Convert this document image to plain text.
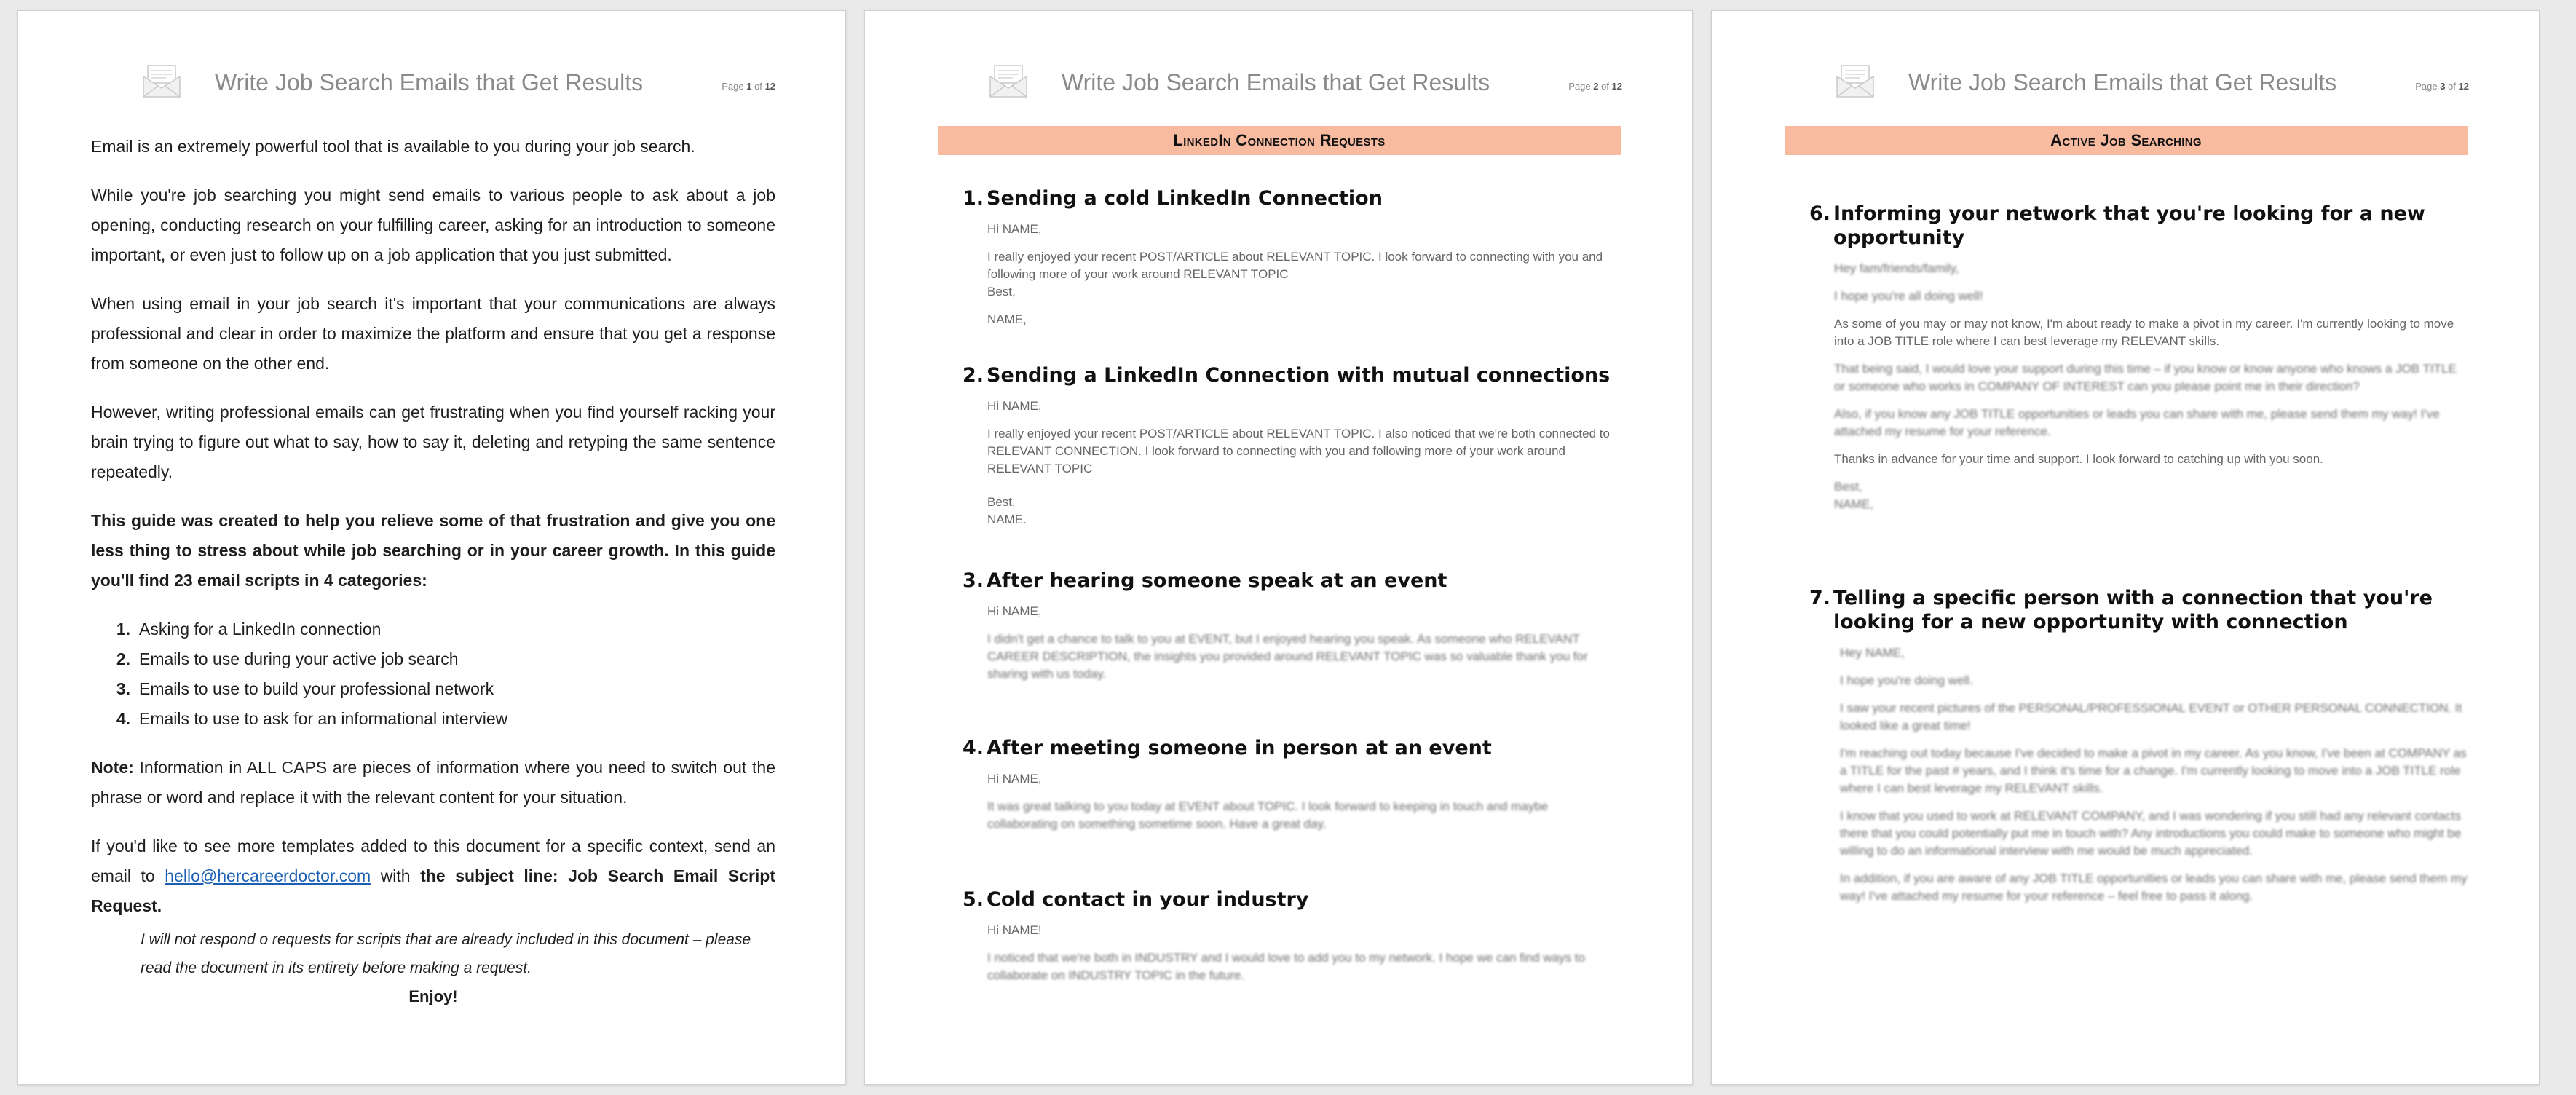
Write Job Search Emails that Get Results	Page 1 of 12

Email is an extremely powerful tool that is available to you during your job search.

While you're job searching you might send emails to various people to ask about a job opening, conducting research on your fulfilling career, asking for an introduction to someone important, or even just to follow up on a job application that you just submitted.

When using email in your job search it's important that your communications are always professional and clear in order to maximize the platform and ensure that you get a response from someone on the other end.

However, writing professional emails can get frustrating when you find yourself racking your brain trying to figure out what to say, how to say it, deleting and retyping the same sentence repeatedly.

This guide was created to help you relieve some of that frustration and give you one less thing to stress about while job searching or in your career growth. In this guide you'll find 23 email scripts in 4 categories:

1. Asking for a LinkedIn connection
2. Emails to use during your active job search
3. Emails to use to build your professional network
4. Emails to use to ask for an informational interview

Note: Information in ALL CAPS are pieces of information where you need to switch out the phrase or word and replace it with the relevant content for your situation.

If you'd like to see more templates added to this document for a specific context, send an email to hello@hercareerdoctor.com with the subject line: Job Search Email Script Request.

I will not respond o requests for scripts that are already included in this document – please read the document in its entirety before making a request.
Enjoy!
Write Job Search Emails that Get Results	Page 2 of 12
LinkedIn Connection Requests
1. Sending a cold LinkedIn Connection

Hi NAME,

I really enjoyed your recent POST/ARTICLE about RELEVANT TOPIC. I look forward to connecting with you and following more of your work around RELEVANT TOPIC

Best,

NAME,

2. Sending a LinkedIn Connection with mutual connections

Hi NAME,

I really enjoyed your recent POST/ARTICLE about RELEVANT TOPIC. I also noticed that we're both connected to RELEVANT CONNECTION. I look forward to connecting with you and following more of your work around RELEVANT TOPIC

Best,

NAME.

3. After hearing someone speak at an event

Hi NAME,

I didn't get a chance to talk to you at EVENT, but I enjoyed hearing you speak. As someone who RELEVANT CAREER DESCRIPTION, the insights you provided around RELEVANT TOPIC was so valuable thank you for sharing with us today.

4. After meeting someone in person at an event

Hi NAME,

It was great talking to you today at EVENT about TOPIC. I look forward to keeping in touch and maybe collaborating on something sometime soon. Have a great day.

5. Cold contact in your industry

Hi NAME!

I noticed that we're both in INDUSTRY and I would love to add you to my network. I hope we can find ways to collaborate on INDUSTRY TOPIC in the future.

Write Job Search Emails that Get Results	Page 3 of 12
Active Job Searching
6. Informing your network that you're looking for a new opportunity

Hey fam/friends/family,

I hope you're all doing well!

As some of you may or may not know, I'm about ready to make a pivot in my career. I'm currently looking to move into a JOB TITLE role where I can best leverage my RELEVANT skills.

That being said, I would love your support during this time – if you know or know anyone who knows a JOB TITLE or someone who works in COMPANY OF INTEREST can you please point me in their direction?

Also, if you know any JOB TITLE opportunities or leads you can share with me, please send them my way! I've attached my resume for your reference.

Thanks in advance for your time and support. I look forward to catching up with you soon.

Best,

NAME,

7. Telling a specific person with a connection that you're looking for a new opportunity with connection

Hey NAME,

I hope you're doing well.

I saw your recent pictures of the PERSONAL/PROFESSIONAL EVENT or OTHER PERSONAL CONNECTION. It looked like a great time!

I'm reaching out today because I've decided to make a pivot in my career. As you know, I've been at COMPANY as a TITLE for the past # years, and I think it's time for a change. I'm currently looking to move into a JOB TITLE role where I can best leverage my RELEVANT skills.

I know that you used to work at RELEVANT COMPANY, and I was wondering if you still had any relevant contacts there that you could potentially put me in touch with? Any introductions you could make to someone who might be willing to do an informational interview with me would be much appreciated.

In addition, if you are aware of any JOB TITLE opportunities or leads you can share with me, please send them my way! I've attached my resume for your reference – feel free to pass it along.
